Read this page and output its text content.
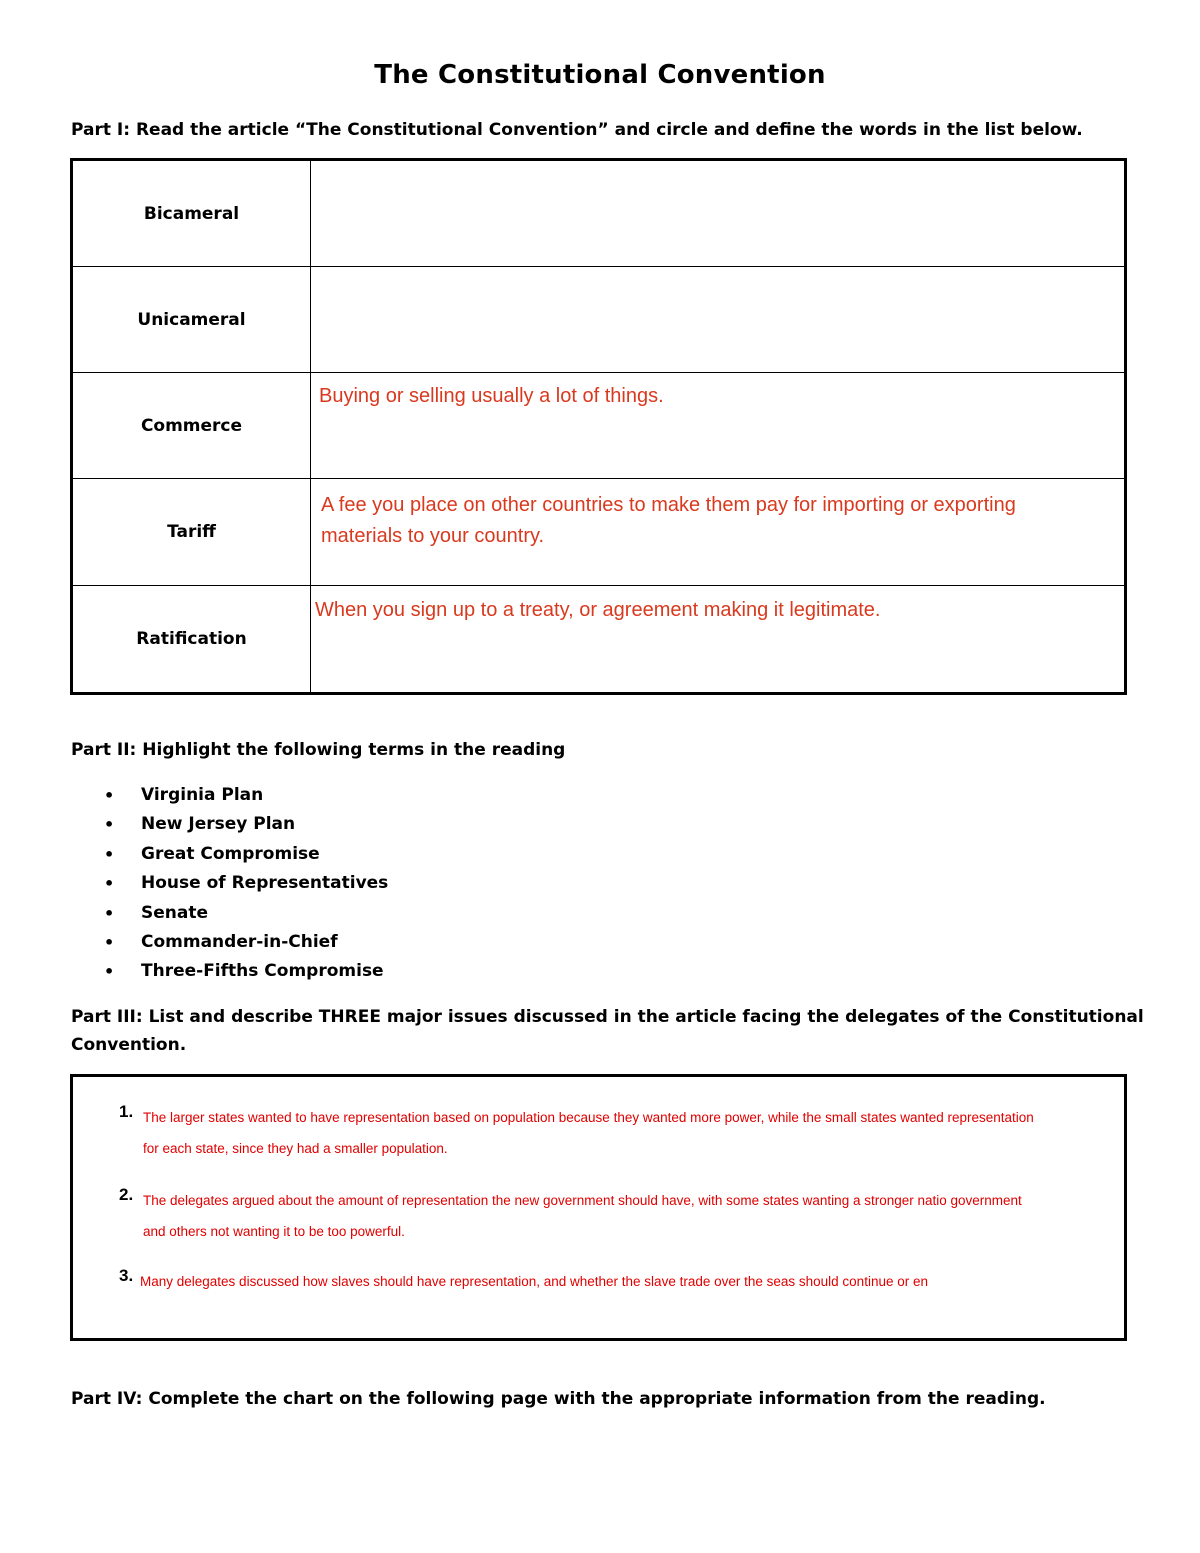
The Constitutional Convention
Part I: Read the article “The Constitutional Convention” and circle and define the words in the list below.
Bicameral	

Unicameral	

Commerce	Buying or selling usually a lot of things.

Tariff	A fee you place on other countries to make them pay for importing or exporting materials to your country.

Ratification	When you sign up to a treaty, or agreement making it legitimate.
Part II: Highlight the following terms in the reading
• Virginia Plan
• New Jersey Plan
• Great Compromise
• House of Representatives
• Senate
• Commander-in-Chief
• Three-Fifths Compromise
Part III: List and describe THREE major issues discussed in the article facing the delegates of the Constitutional
Convention.
1. The larger states wanted to have representation based on population because they wanted more power, while the small states wanted representation for each state, since they had a smaller population.
2. The delegates argued about the amount of representation the new government should have, with some states wanting a stronger natio government and others not wanting it to be too powerful.
3. Many delegates discussed how slaves should have representation, and whether the slave trade over the seas should continue or en
Part IV: Complete the chart on the following page with the appropriate information from the reading.
